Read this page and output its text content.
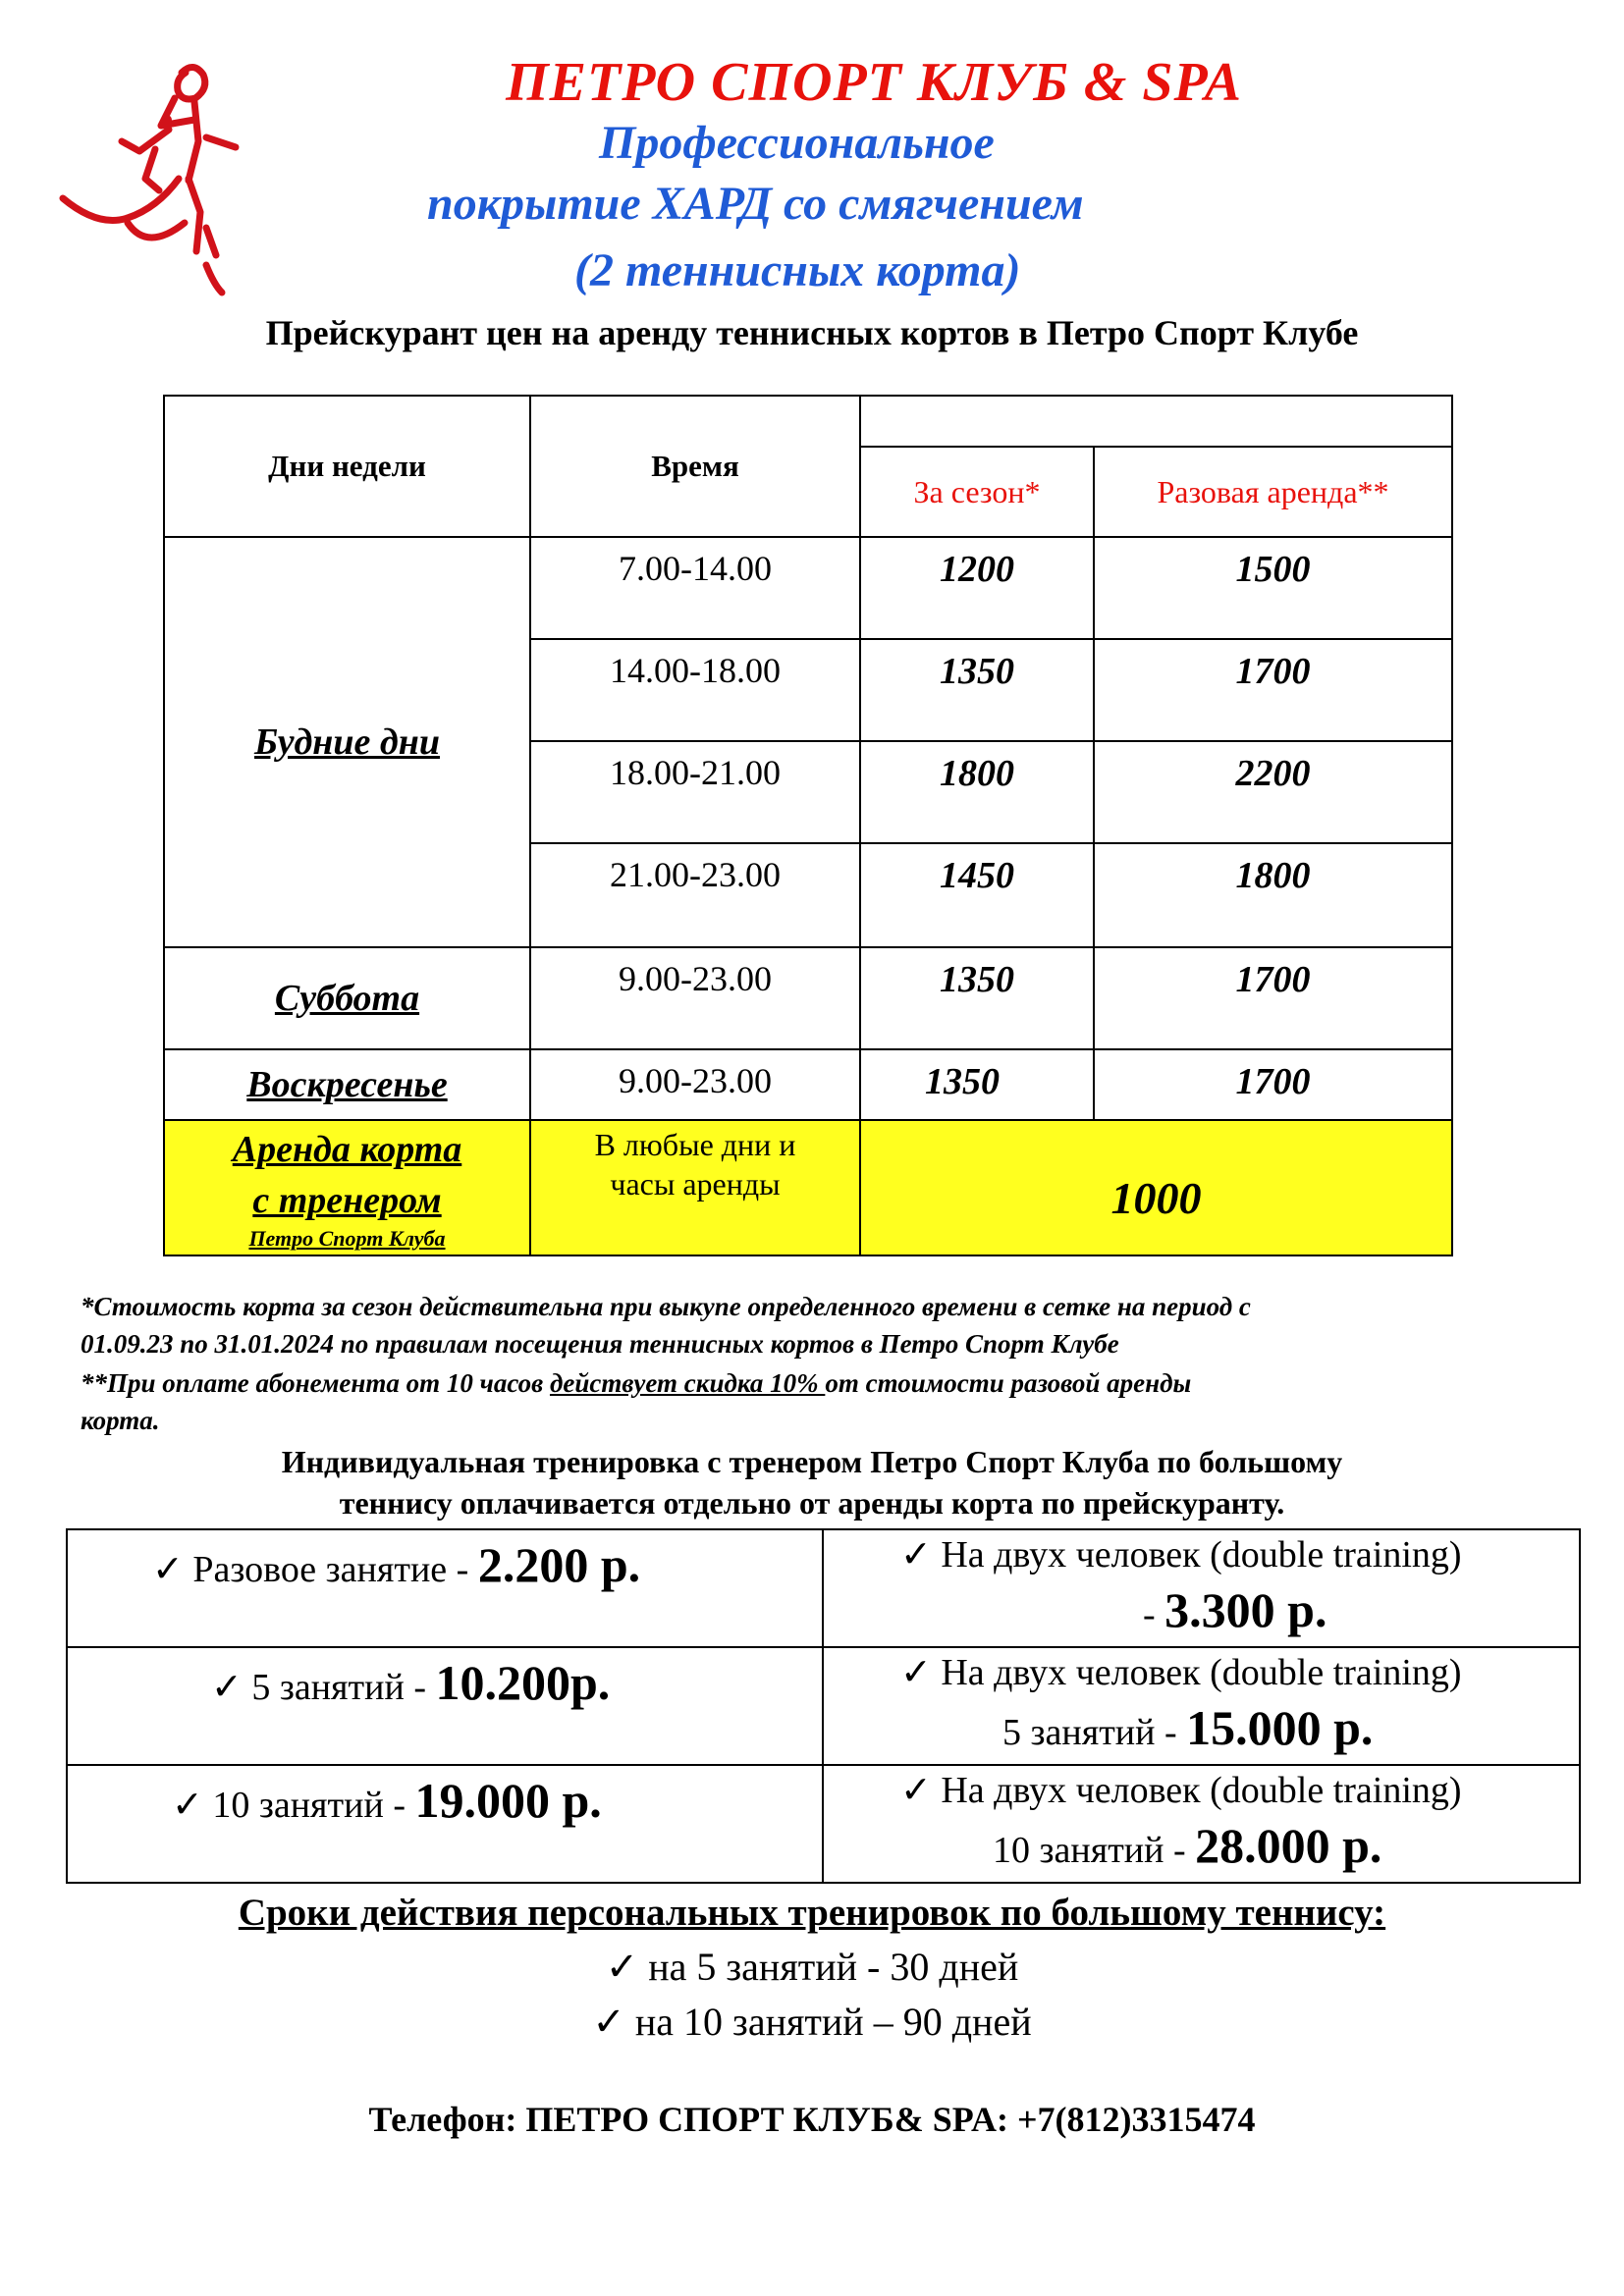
ПЕТРО СПОРТ КЛУБ & SPA
Профессиональное
покрытие ХАРД со смягчением
(2 теннисных корта)
Прейскурант цен на аренду теннисных кортов в Петро Спорт Клубе
Дни недели	Время
За сезон*	Разовая аренда**
Будние дни
7.00-14.00	1200	1500
14.00-18.00	1350	1700
18.00-21.00	1800	2200
21.00-23.00	1450	1800
Суббота	9.00-23.00	1350	1700
Воскресенье	9.00-23.00	1350	1700
Аренда корта
с тренером
Петро Спорт Клуба
В любые дни и
часы аренды	1000
*Стоимость корта за сезон действительна при выкупе определенного времени в сетке на период с
01.09.23 по 31.01.2024 по правилам посещения теннисных кортов в Петро Спорт Клубе
**При оплате абонемента от 10 часов действует скидка 10% от стоимости разовой аренды
корта.
Индивидуальная тренировка с тренером Петро Спорт Клуба по большому
теннису оплачивается отдельно от аренды корта по прейскуранту.
✓ Разовое занятие - 2.200 р.	✓ На двух человек (double training)
- 3.300 р.
✓ 5 занятий - 10.200р.	✓ На двух человек (double training)
5 занятий - 15.000 р.
✓ 10 занятий - 19.000 р.	✓ На двух человек (double training)
10 занятий - 28.000 р.
Сроки действия персональных тренировок по большому теннису:
✓ на 5 занятий - 30 дней
✓ на 10 занятий – 90 дней
Телефон: ПЕТРО СПОРТ КЛУБ& SPA: +7(812)3315474
